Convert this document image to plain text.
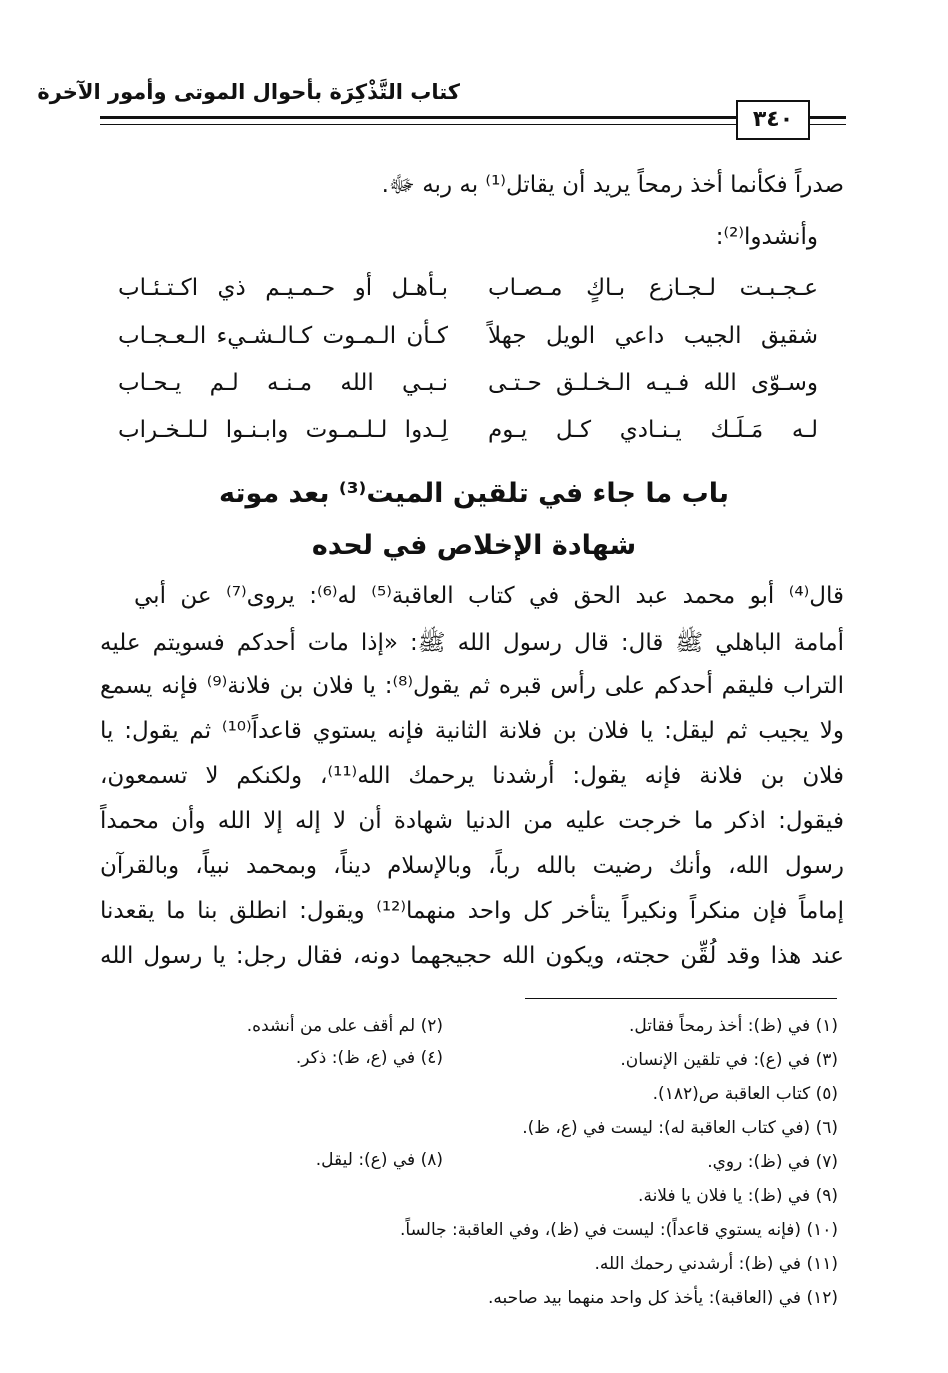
كتاب التَّذْكِرَة بأحوال الموتى وأمور الآخرة
٣٤٠
صدراً فكأنما أخذ رمحاً يريد أن يقاتل⁽¹⁾ به ربه ﷻ.
وأنشدوا⁽²⁾:
عـجـبـت لـجـازع بـاكٍ مـصـاب
بـأهـل أو حـمـيـم ذي اكـتـئـاب
شقيق الجيب داعي الويل جهلاً
كـأن الـمـوت كـالـشـيء الـعـجـاب
وسـوّى الله فـيـه الـخـلـق حـتـى
نـبـي الله مـنـه لـم يـحـاب
لـه مَـلَـك يـنـادي كـل يـوم
لِـدوا لـلـمـوت وابـنـوا لـلـخـراب
باب ما جاء في تلقين الميت⁽³⁾ بعد موته
شهادة الإخلاص في لحده
قال⁽⁴⁾ أبو محمد عبد الحق في كتاب العاقبة⁽⁵⁾ له⁽⁶⁾: يروى⁽⁷⁾ عن أبي
أمامة الباهلي ﷺ قال: قال رسول الله ﷺ: «إذا مات أحدكم فسويتم عليه
التراب فليقم أحدكم على رأس قبره ثم يقول⁽⁸⁾: يا فلان بن فلانة⁽⁹⁾ فإنه يسمع
ولا يجيب ثم ليقل: يا فلان بن فلانة الثانية فإنه يستوي قاعداً⁽¹⁰⁾ ثم يقول: يا
فلان بن فلانة فإنه يقول: أرشدنا يرحمك الله⁽¹¹⁾، ولكنكم لا تسمعون،
فيقول: اذكر ما خرجت عليه من الدنيا شهادة أن لا إله إلا الله وأن محمداً
رسول الله، وأنك رضيت بالله رباً، وبالإسلام ديناً، وبمحمد نبياً، وبالقرآن
إماماً فإن منكراً ونكيراً يتأخر كل واحد منهما⁽¹²⁾ ويقول: انطلق بنا ما يقعدنا
عند هذا وقد لُقِّن حجته، ويكون الله حجيجهما دونه، فقال رجل: يا رسول الله
(١) في (ظ): أخذ رمحاً فقاتل.
(٢) لم أقف على من أنشده.
(٣) في (ع): في تلقين الإنسان.
(٤) في (ع، ظ): ذكر.
(٥) كتاب العاقبة ص(١٨٢).
(٦) (في كتاب العاقبة له): ليست في (ع، ظ).
(٧) في (ظ): روي.
(٨) في (ع): ليقل.
(٩) في (ظ): يا فلان يا فلانة.
(١٠) (فإنه يستوي قاعداً): ليست في (ظ)، وفي العاقبة: جالساً.
(١١) في (ظ): أرشدني رحمك الله.
(١٢) في (العاقبة): يأخذ كل واحد منهما بيد صاحبه.
